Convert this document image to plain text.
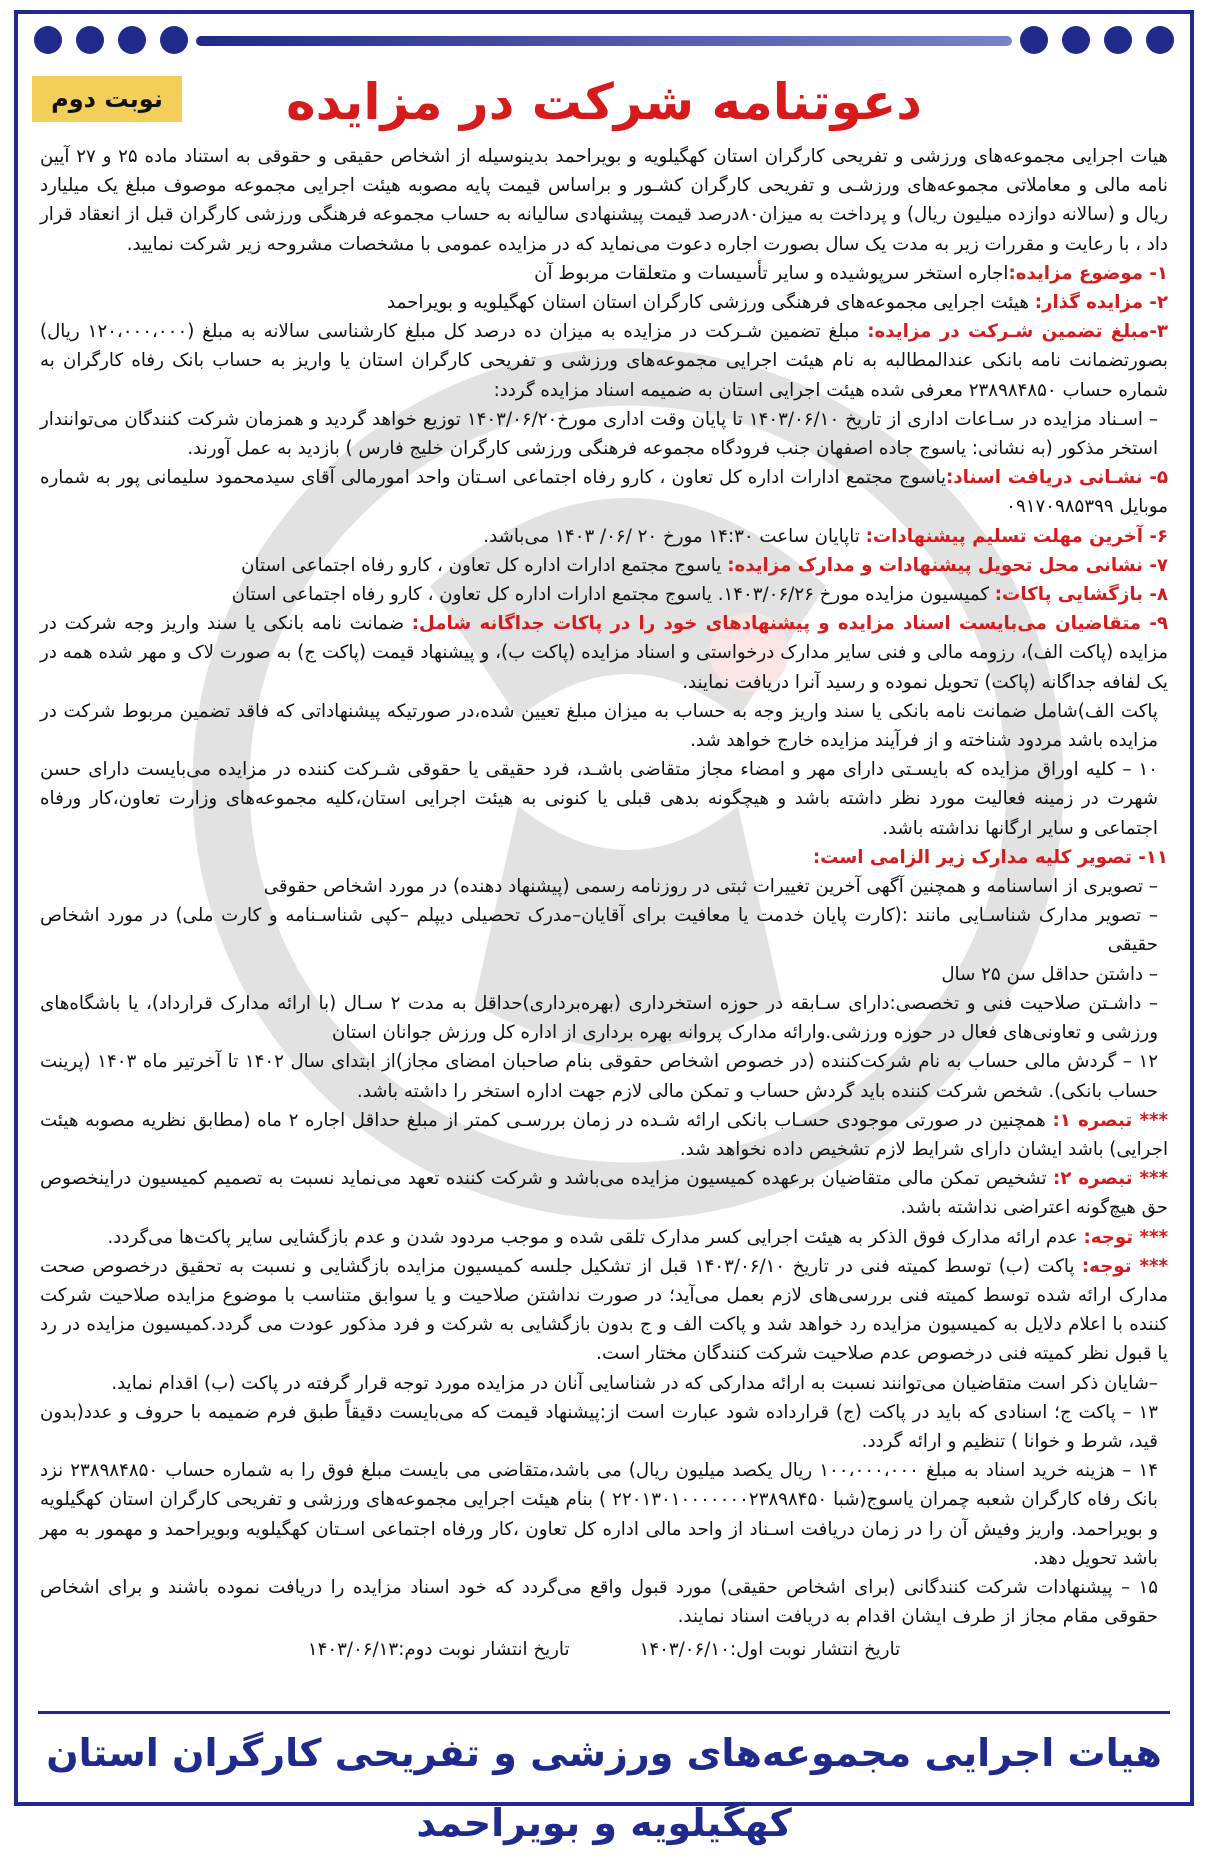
نوبت دوم	دعوتنامه شرکت در مزایده

هیات اجرایی مجموعه‌های ورزشی و تفریحی کارگران استان کهگیلویه و بویراحمد بدینوسیله از اشخاص حقیقی و حقوقی به استناد ماده ۲۵ و ۲۷ آیین نامه مالی و معاملاتی مجموعه‌های ورزشـی و تفریحی کارگران کشـور و براساس قیمت پایه مصوبه هیئت اجرایی مجموعه موصوف مبلغ یک میلیارد ریال و (سالانه دوازده میلیون ریال) و پرداخت به میزان۸۰درصد قیمت پیشنهادی سالیانه به حساب مجموعه فرهنگی ورزشی کارگران قبل از انعقاد قرار داد ، با رعایت و مقررات زیر به مدت یک سال بصورت اجاره دعوت می‌نماید که در مزایده عمومی با مشخصات مشروحه زیر شرکت نمایید.

۱- موضوع مزایده:اجاره استخر سرپوشیده و سایر تأسیسات و متعلقات مربوط آن

۲- مزایده گذار: هیئت اجرایی مجموعه‌های فرهنگی ورزشی کارگران استان استان کهگیلویه و بویراحمد

۳-مبلغ تضمین شـرکت در مزایده: مبلغ تضمین شـرکت در مزایده به میزان ده درصد کل مبلغ کارشناسی سالانه به مبلغ (۱۲۰،۰۰۰،۰۰۰ ریال) بصورتضمانت نامه بانکی عندالمطالبه به نام هیئت اجرایی مجموعه‌های ورزشی و تفریحی کارگران استان یا واریز به حساب بانک رفاه کارگران به شماره حساب ۲۳۸۹۸۴۸۵۰ معرفی شده هیئت اجرایی استان به ضمیمه اسناد مزایده گردد:

– اسـناد مزایده در سـاعات اداری از تاریخ ۱۴۰۳/۰۶/۱۰ تا پایان وقت اداری مورخ۱۴۰۳/۰۶/۲۰ توزیع خواهد گردید و همزمان شرکت کنندگان می‌توانندار استخر مذکور (به نشانی: یاسوج جاده اصفهان جنب فرودگاه مجموعه فرهنگی ورزشی کارگران خلیج فارس ) بازدید به عمل آورند.

۵- نشـانی دریافت اسناد:یاسوج مجتمع ادارات اداره کل تعاون ، کارو رفاه اجتماعی اسـتان واحد امورمالی آقای سیدمحمود سلیمانی پور به شماره موبایل ۰۹۱۷۰۹۸۵۳۹۹

۶- آخرین مهلت تسلیم پیشنهادات: تاپایان ساعت ۱۴:۳۰ مورخ ۲۰ /۰۶/ ۱۴۰۳ می‌باشد.

۷- نشانی محل تحویل پیشنهادات و مدارک مزایده: یاسوج مجتمع ادارات اداره کل تعاون ، کارو رفاه اجتماعی استان

۸- بازگشایی پاکات: کمیسیون مزایده مورخ ۱۴۰۳/۰۶/۲۶. یاسوج مجتمع ادارات اداره کل تعاون ، کارو رفاه اجتماعی استان

۹- متقاضیان می‌بایست اسناد مزایده و پیشنهادهای خود را در پاکات جداگانه شامل: ضمانت نامه بانکی یا سند واریز وجه شرکت در مزایده (پاکت الف)، رزومه مالی و فنی سایر مدارک درخواستی و اسناد مزایده (پاکت ب)، و پیشنهاد قیمت (پاکت ج) به صورت لاک و مهر شده همه در یک لفافه جداگانه (پاکت) تحویل نموده و رسید آنرا دریافت نمایند.

پاکت الف)شامل ضمانت نامه بانکی یا سند واریز وجه به حساب به میزان مبلغ تعیین شده،در صورتیکه پیشنهاداتی که فاقد تضمین مربوط شرکت در مزایده باشد مردود شناخته و از فرآیند مزایده خارج خواهد شد.

۱۰ – کلیه اوراق مزایده که بایسـتی دارای مهر و امضاء مجاز متقاضی باشـد، فرد حقیقی یا حقوقی شـرکت کننده در مزایده می‌بایست دارای حسن شهرت در زمینه فعالیت مورد نظر داشته باشد و هیچگونه بدهی قبلی یا کنونی به هیئت اجرایی استان،کلیه مجموعه‌های وزارت تعاون،کار ورفاه اجتماعی و سایر ارگانها نداشته باشد.

۱۱- تصویر کلیه مدارک زیر الزامی است:

– تصویری از اساسنامه و همچنین آگهی آخرین تغییرات ثبتی در روزنامه رسمی (پیشنهاد دهنده) در مورد اشخاص حقوقی

– تصویر مدارک شناسـایی مانند :(کارت پایان خدمت یا معافیت برای آقایان–مدرک تحصیلی دیپلم –کپی شناسـنامه و کارت ملی) در مورد اشخاص حقیقی

– داشتن حداقل سن ۲۵ سال

– داشـتن صلاحیت فنی و تخصصی:دارای سـابقه در حوزه استخرداری (بهره‌برداری)حداقل به مدت ۲ سـال (با ارائه مدارک قرارداد)، یا باشگاه‌های ورزشی و تعاونی‌های فعال در حوزه ورزشی.وارائه مدارک پروانه بهره برداری از اداره کل ورزش جوانان استان

۱۲ – گردش مالی حساب به نام شرکت‌کننده (در خصوص اشخاص حقوقی بنام صاحبان امضای مجاز)از ابتدای سال ۱۴۰۲ تا آخرتیر ماه ۱۴۰۳ (پرینت حساب بانکی). شخص شرکت کننده باید گردش حساب و تمکن مالی لازم جهت اداره استخر را داشته باشد.

*** تبصره ۱: همچنین در صورتی موجودی حسـاب بانکی ارائه شـده در زمان بررسـی کمتر از مبلغ حداقل اجاره ۲ ماه (مطابق نظریه مصوبه هیئت اجرایی) باشد ایشان دارای شرایط لازم تشخیص داده نخواهد شد.

*** تبصره ۲: تشخیص تمکن مالی متقاضیان برعهده کمیسیون مزایده می‌باشد و شرکت کننده تعهد می‌نماید نسبت به تصمیم کمیسیون دراینخصوص حق هیچ‌گونه اعتراضی نداشته باشد.

*** توجه: عدم ارائه مدارک فوق الذکر به هیئت اجرایی کسر مدارک تلقی شده و موجب مردود شدن و عدم بازگشایی سایر پاکت‌ها می‌گردد.

*** توجه: پاکت (ب) توسط کمیته فنی در تاریخ ۱۴۰۳/۰۶/۱۰ قبل از تشکیل جلسه کمیسیون مزایده بازگشایی و نسبت به تحقیق درخصوص صحت مدارک ارائه شده توسط کمیته فنی بررسی‌های لازم بعمل می‌آید؛ در صورت نداشتن صلاحیت و یا سوابق متناسب با موضوع مزایده صلاحیت شرکت کننده با اعلام دلایل به کمیسیون مزایده رد خواهد شد و پاکت الف و ج بدون بازگشایی به شرکت و فرد مذکور عودت می گردد.کمیسیون مزایده در رد یا قبول نظر کمیته فنی درخصوص عدم صلاحیت شرکت کنندگان مختار است.

–شایان ذکر است متقاضیان می‌توانند نسبت به ارائه مدارکی که در شناسایی آنان در مزایده مورد توجه قرار گرفته در پاکت (ب) اقدام نماید.

۱۳ – پاکت ج؛ اسنادی که باید در پاکت (ج) قرارداده شود عبارت است از:پیشنهاد قیمت که می‌بایست دقیقاً طبق فرم ضمیمه با حروف و عدد(بدون قید، شرط و خوانا ) تنظیم و ارائه گردد.

۱۴ – هزینه خرید اسناد به مبلغ ۱۰۰،۰۰۰،۰۰۰ ریال یکصد میلیون ریال) می باشد،متقاضی می بایست مبلغ فوق را به شماره حساب ۲۳۸۹۸۴۸۵۰ نزد بانک رفاه کارگران شعبه چمران یاسوج(شبا ۲۲۰۱۳۰۱۰۰۰۰۰۰۰۲۳۸۹۸۴۵۰ ) بنام هیئت اجرایی مجموعه‌های ورزشی و تفریحی کارگران استان کهگیلویه و بویراحمد. واریز وفیش آن را در زمان دریافت اسـناد از واحد مالی اداره کل تعاون ،کار ورفاه اجتماعی اسـتان کهگیلویه وبویراحمد و مهمور به مهر باشد تحویل دهد.

۱۵ – پیشنهادات شرکت کنندگانی (برای اشخاص حقیقی) مورد قبول واقع می‌گردد که خود اسناد مزایده را دریافت نموده باشند و برای اشخاص حقوقی مقام مجاز از طرف ایشان اقدام به دریافت اسناد نمایند.

تاریخ انتشار نوبت اول:۱۴۰۳/۰۶/۱۰
تاریخ انتشار نوبت دوم:۱۴۰۳/۰۶/۱۳
هیات اجرایی مجموعه‌های ورزشی و تفریحی کارگران استان کهگیلویه و بویراحمد
